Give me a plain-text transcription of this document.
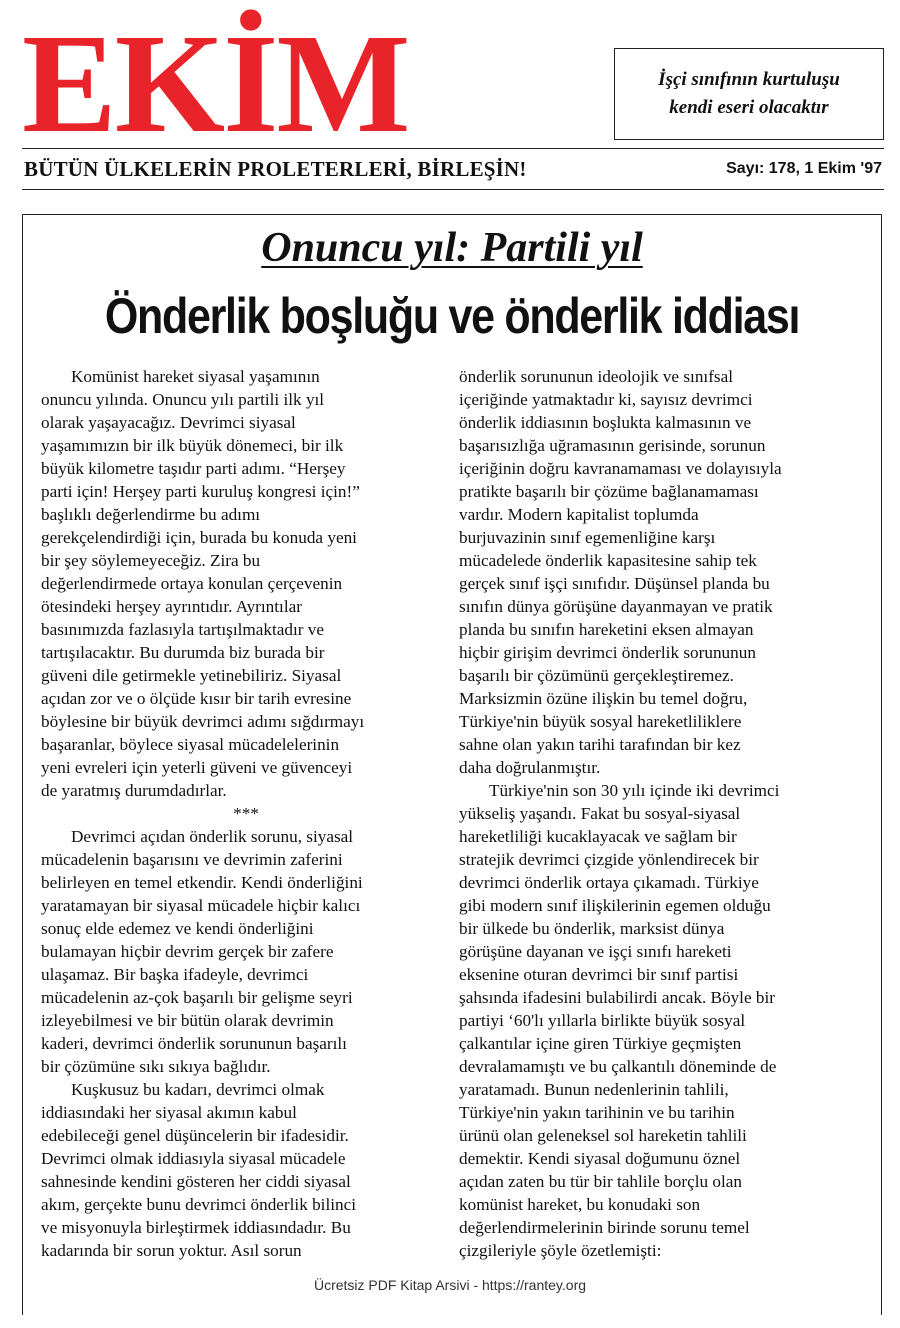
EKİM	İşçi sınıfının kurtuluşu
kendi eseri olacaktır
BÜTÜN ÜLKELERİN PROLETERLERİ, BİRLEŞİN!	Sayı: 178, 1 Ekim '97
Onuncu yıl: Partili yıl
Önderlik boşluğu ve önderlik iddiası

Komünist hareket siyasal yaşamının
onuncu yılında. Onuncu yılı partili ilk yıl
olarak yaşayacağız. Devrimci siyasal
yaşamımızın bir ilk büyük dönemeci, bir ilk
büyük kilometre taşıdır parti adımı. “Herşey
parti için! Herşey parti kuruluş kongresi için!”
başlıklı değerlendirme bu adımı
gerekçelendirdiği için, burada bu konuda yeni
bir şey söylemeyeceğiz. Zira bu
değerlendirmede ortaya konulan çerçevenin
ötesindeki herşey ayrıntıdır. Ayrıntılar
basınımızda fazlasıyla tartışılmaktadır ve
tartışılacaktır. Bu durumda biz burada bir
güveni dile getirmekle yetinebiliriz. Siyasal
açıdan zor ve o ölçüde kısır bir tarih evresine
böylesine bir büyük devrimci adımı sığdırmayı
başaranlar, böylece siyasal mücadelelerinin
yeni evreleri için yeterli güveni ve güvenceyi
de yaratmış durumdadırlar.

***

Devrimci açıdan önderlik sorunu, siyasal
mücadelenin başarısını ve devrimin zaferini
belirleyen en temel etkendir. Kendi önderliğini
yaratamayan bir siyasal mücadele hiçbir kalıcı
sonuç elde edemez ve kendi önderliğini
bulamayan hiçbir devrim gerçek bir zafere
ulaşamaz. Bir başka ifadeyle, devrimci
mücadelenin az-çok başarılı bir gelişme seyri
izleyebilmesi ve bir bütün olarak devrimin
kaderi, devrimci önderlik sorununun başarılı
bir çözümüne sıkı sıkıya bağlıdır.

Kuşkusuz bu kadarı, devrimci olmak
iddiasındaki her siyasal akımın kabul
edebileceği genel düşüncelerin bir ifadesidir.
Devrimci olmak iddiasıyla siyasal mücadele
sahnesinde kendini gösteren her ciddi siyasal
akım, gerçekte bunu devrimci önderlik bilinci
ve misyonuyla birleştirmek iddiasındadır. Bu
kadarında bir sorun yoktur. Asıl sorun

önderlik sorununun ideolojik ve sınıfsal
içeriğinde yatmaktadır ki, sayısız devrimci
önderlik iddiasının boşlukta kalmasının ve
başarısızlığa uğramasının gerisinde, sorunun
içeriğinin doğru kavranamaması ve dolayısıyla
pratikte başarılı bir çözüme bağlanamaması
vardır. Modern kapitalist toplumda
burjuvazinin sınıf egemenliğine karşı
mücadelede önderlik kapasitesine sahip tek
gerçek sınıf işçi sınıfıdır. Düşünsel planda bu
sınıfın dünya görüşüne dayanmayan ve pratik
planda bu sınıfın hareketini eksen almayan
hiçbir girişim devrimci önderlik sorununun
başarılı bir çözümünü gerçekleştiremez.
Marksizmin özüne ilişkin bu temel doğru,
Türkiye'nin büyük sosyal hareketliliklere
sahne olan yakın tarihi tarafından bir kez
daha doğrulanmıştır.

Türkiye'nin son 30 yılı içinde iki devrimci
yükseliş yaşandı. Fakat bu sosyal-siyasal
hareketliliği kucaklayacak ve sağlam bir
stratejik devrimci çizgide yönlendirecek bir
devrimci önderlik ortaya çıkamadı. Türkiye
gibi modern sınıf ilişkilerinin egemen olduğu
bir ülkede bu önderlik, marksist dünya
görüşüne dayanan ve işçi sınıfı hareketi
eksenine oturan devrimci bir sınıf partisi
şahsında ifadesini bulabilirdi ancak. Böyle bir
partiyi ‘60'lı yıllarla birlikte büyük sosyal
çalkantılar içine giren Türkiye geçmişten
devralamamıştı ve bu çalkantılı döneminde de
yaratamadı. Bunun nedenlerinin tahlili,
Türkiye'nin yakın tarihinin ve bu tarihin
ürünü olan geleneksel sol hareketin tahlili
demektir. Kendi siyasal doğumunu öznel
açıdan zaten bu tür bir tahlile borçlu olan
komünist hareket, bu konudaki son
değerlendirmelerinin birinde sorunu temel
çizgileriyle şöyle özetlemişti:

Ücretsiz PDF Kitap Arsivi - https://rantey.org
